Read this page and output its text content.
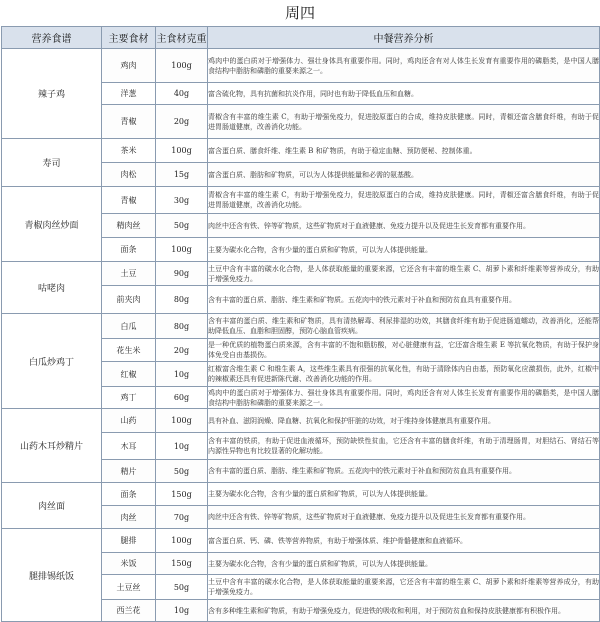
周四
营养食谱	主要食材	主食材克重	中餐营养分析
辣子鸡	鸡肉	100g	鸡肉中的蛋白质对于增强体力、强壮身体具有重要作用。同时，鸡肉还含有对人体生长发育有重要作用的磷脂类，是中国人膳食结构中脂肪和磷脂的重要来源之一。
	洋葱	40g	富含硫化物，具有抗菌和抗炎作用，同时也有助于降低血压和血糖。
	青椒	20g	青椒含有丰富的维生素 C，有助于增强免疫力，促进胶原蛋白的合成，维持皮肤健康。同时，青椒还富含膳食纤维，有助于促进胃肠道健康，改善消化功能。
寿司	茶米	100g	富含蛋白质、膳食纤维、维生素 B 和矿物质，有助于稳定血糖、预防便秘、控制体重。
	肉松	15g	富含蛋白质、脂肪和矿物质，可以为人体提供能量和必需的氨基酸。
青椒肉丝炒面	青椒	30g	青椒含有丰富的维生素 C，有助于增强免疫力，促进胶原蛋白的合成，维持皮肤健康。同时，青椒还富含膳食纤维，有助于促进胃肠道健康，改善消化功能。
	精肉丝	50g	肉丝中还含有铁、锌等矿物质，这些矿物质对于血液健康、免疫力提升以及促进生长发育都有重要作用。
	面条	100g	主要为碳水化合物，含有少量的蛋白质和矿物质，可以为人体提供能量。
咕咾肉	土豆	90g	土豆中含有丰富的碳水化合物，是人体获取能量的重要来源，它还含有丰富的维生素 C、胡萝卜素和纤维素等营养成分，有助于增强免疫力。
	前夹肉	80g	含有丰富的蛋白质、脂肪、维生素和矿物质。五花肉中的铁元素对于补血和预防贫血具有重要作用。
白瓜炒鸡丁	白瓜	80g	含有丰富的蛋白质、维生素和矿物质，具有清热解毒、利尿排湿的功效，其膳食纤维有助于促进肠道蠕动，改善消化，还能帮助降低血压、血脂和胆固醇，预防心脑血管疾病。
	花生米	20g	是一种优质的植物蛋白质来源，含有丰富的不饱和脂肪酸，对心脏健康有益，它还富含维生素 E 等抗氧化物质，有助于保护身体免受自由基损伤。
	红椒	10g	红椒富含维生素 C 和维生素 A，这些维生素具有很强的抗氧化性，有助于清除体内自由基，预防氧化应激损伤，此外，红椒中的辣椒素还具有促进新陈代谢、改善消化功能的作用。
	鸡丁	60g	鸡肉中的蛋白质对于增强体力、强壮身体具有重要作用。同时，鸡肉还含有对人体生长发育有重要作用的磷脂类，是中国人膳食结构中脂肪和磷脂的重要来源之一。
山药木耳炒精片	山药	100g	具有补血、滋阴润燥、降血糖、抗氧化和保护肝脏的功效，对于维持身体健康具有重要作用。
	木耳	10g	含有丰富的铁质，有助于促进血液循环，预防缺铁性贫血，它还含有丰富的膳食纤维，有助于清理肠胃，对胆结石、肾结石等内源性异物也有比较显著的化解功能。
	精片	50g	含有丰富的蛋白质、脂肪、维生素和矿物质。五花肉中的铁元素对于补血和预防贫血具有重要作用。
肉丝面	面条	150g	主要为碳水化合物，含有少量的蛋白质和矿物质，可以为人体提供能量。
	肉丝	70g	肉丝中还含有铁、锌等矿物质，这些矿物质对于血液健康、免疫力提升以及促进生长发育都有重要作用。
腿排锡纸饭	腿排	100g	富含蛋白质、钙、磷、铁等营养物质，有助于增强体质、维护骨骼健康和血液循环。
	米饭	150g	主要为碳水化合物，含有少量的蛋白质和矿物质，可以为人体提供能量。
	土豆丝	50g	土豆中含有丰富的碳水化合物，是人体获取能量的重要来源，它还含有丰富的维生素 C、胡萝卜素和纤维素等营养成分，有助于增强免疫力。
	西兰花	10g	含有多种维生素和矿物质，有助于增强免疫力，促进铁的吸收和利用，对于预防贫血和保持皮肤健康都有积极作用。
